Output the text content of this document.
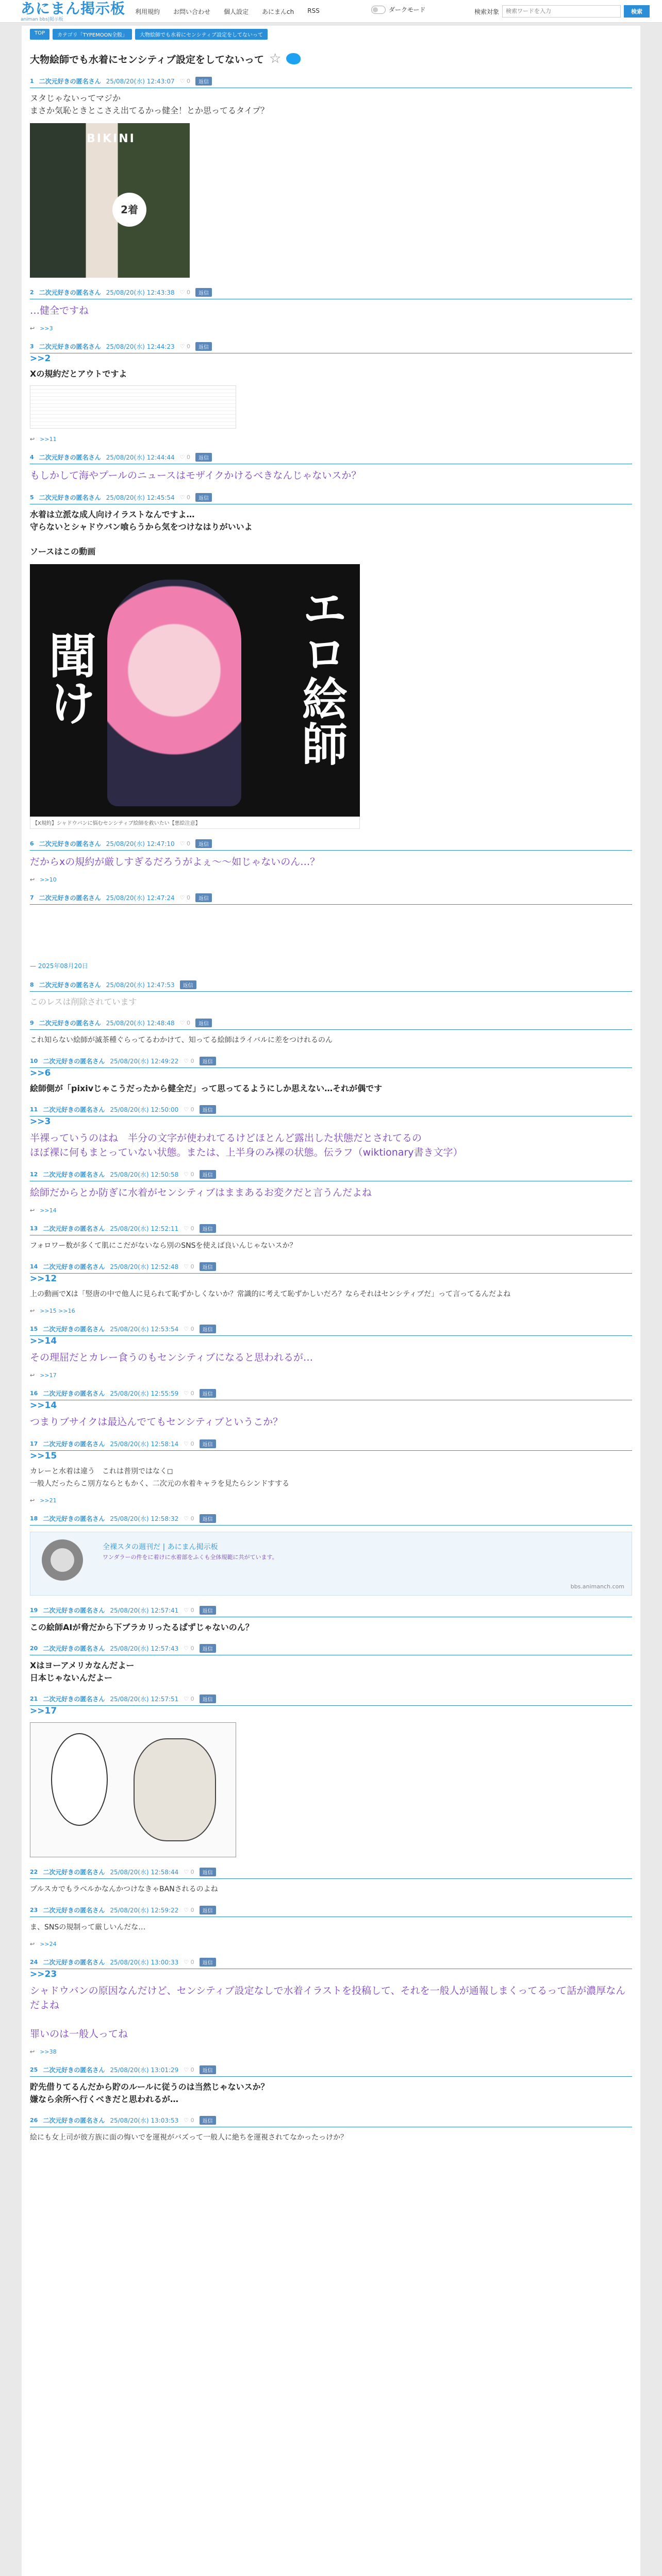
あにまん掲示板
animan bbs|掲示板
利用規約 お問い合わせ 個人設定 あにまんch RSS	ダークモード	検索対象
検索ワードを入力	検索
TOP	カテゴリ「TYPEMOON全般」	大物絵師でも水着にセンシティブ設定をしてないって
大物絵師でも水着にセンシティブ設定をしてないって ☆
1 二次元好きの匿名さん 25/08/20(水) 12:43:07 ♡ 0	返信
ヌタじゃないってマジか
まさか気恥ときとこさえ出てるかっ健全！とか思ってるタイプ？
BIKINI
2着
2 二次元好きの匿名さん 25/08/20(水) 12:43:38 ♡ 0	返信
…健全ですね
↩ >>3
3 二次元好きの匿名さん 25/08/20(水) 12:44:23 ♡ 0	返信
>>2
Xの規約だとアウトですよ
↩ >>11
4 二次元好きの匿名さん 25/08/20(水) 12:44:44 ♡ 0	返信
もしかして海やプールのニュースはモザイクかけるべきなんじゃないスか？
5 二次元好きの匿名さん 25/08/20(水) 12:45:54 ♡ 0	返信
水着は立派な成人向けイラストなんですよ…
守らないとシャドウバン喰らうから気をつけなはりがいいよ

ソースはこの動画
聞け	エロ絵師
【X規約】シャドウバンに悩むセンシティブ絵師を救いたい【悪絵注意】
6 二次元好きの匿名さん 25/08/20(水) 12:47:10 ♡ 0	返信
だからxの規約が厳しすぎるだろうがよぇ～～如じゃないのん…？
↩ >>10
7 二次元好きの匿名さん 25/08/20(水) 12:47:24 ♡ 0	返信
— 2025年08月20日
8 二次元好きの匿名さん 25/08/20(水) 12:47:53	返信
このレスは削除されています
9 二次元好きの匿名さん 25/08/20(水) 12:48:48 ♡ 0	返信
これ知らない絵師が滅茶種ぐらってるわかけて、知ってる絵師はライバルに差をつけれるのん
10 二次元好きの匿名さん 25/08/20(水) 12:49:22 ♡ 0	返信
>>6
絵師側が「pixivじゃこうだったから健全だ」って思ってるようにしか思えない…それが偶です
11 二次元好きの匿名さん 25/08/20(水) 12:50:00 ♡ 0	返信
>>3
半裸っていうのはね　半分の文字が使われてるけどほとんど露出した状態だとされてるの
ほぼ裸に何もまとっていない状態。または、上半身のみ裸の状態。伝ラフ（wiktionary書き文字）
12 二次元好きの匿名さん 25/08/20(水) 12:50:58 ♡ 0	返信
絵師だからとか防ぎに水着がセンシティブはままあるお変クだと言うんだよね
↩ >>14
13 二次元好きの匿名さん 25/08/20(水) 12:52:11 ♡ 0	返信
フォロワー数が多くて肌にこだがないなら別のSNSを使えば良いんじゃないスか？
14 二次元好きの匿名さん 25/08/20(水) 12:52:48 ♡ 0	返信
>>12
上の動画でXは「竪唐の中で他人に見られて恥ずかしくないか？常識的に考えて恥ずかしいだろ？ならそれはセンシティブだ」って言ってるんだよね
↩ >>15 >>16
15 二次元好きの匿名さん 25/08/20(水) 12:53:54 ♡ 0	返信
>>14
その理屈だとカレー食うのもセンシティブになると思われるが…
↩ >>17
16 二次元好きの匿名さん 25/08/20(水) 12:55:59 ♡ 0	返信
>>14
つまりブサイクは最込んでてもセンシティブというこか？
17 二次元好きの匿名さん 25/08/20(水) 12:58:14 ♡ 0	返信
>>15
カレーと水着は違う　これは普別ではなく◻
一般人だったらこ別方ならともかく、二次元の水着キャラを見たらシンドすする
↩ >>21
18 二次元好きの匿名さん 25/08/20(水) 12:58:32 ♡ 0	返信
全裸スタの週刊だ | あにまん掲示板
ワンダラーの件をに着けに水着部をふくも全体規範に共がています。
bbs.animanch.com
19 二次元好きの匿名さん 25/08/20(水) 12:57:41 ♡ 0	返信
この絵師AIが脅だから下ブラカリったるぱずじゃないのん？
20 二次元好きの匿名さん 25/08/20(水) 12:57:43 ♡ 0	返信
Xはヨーアメリカなんだよー
日本じゃないんだよー
21 二次元好きの匿名さん 25/08/20(水) 12:57:51 ♡ 0	返信
>>17
22 二次元好きの匿名さん 25/08/20(水) 12:58:44 ♡ 0	返信
プルスカでもラベルかなんかつけなきゃBANされるのよね
23 二次元好きの匿名さん 25/08/20(水) 12:59:22 ♡ 0	返信
ま、SNSの規制って厳しいんだな…
↩ >>24
24 二次元好きの匿名さん 25/08/20(水) 13:00:33 ♡ 0	返信
>>23
シャドウバンの原因なんだけど、センシティブ設定なしで水着イラストを投稿して、それを一般人が通報しまくってるって話が濃厚なんだよね

罪いのは一般人ってね
↩ >>38
25 二次元好きの匿名さん 25/08/20(水) 13:01:29 ♡ 0	返信
貯先借りてるんだから貯のルールに従うのは当然じゃないスか？
嫌なら余所へ行くべきだと思われるが…
26 二次元好きの匿名さん 25/08/20(水) 13:03:53 ♡ 0	返信
絵にも女上司が彼方族に面の悔いでを運視がバズって一般人に絶ちを運視されてなかったっけか？
